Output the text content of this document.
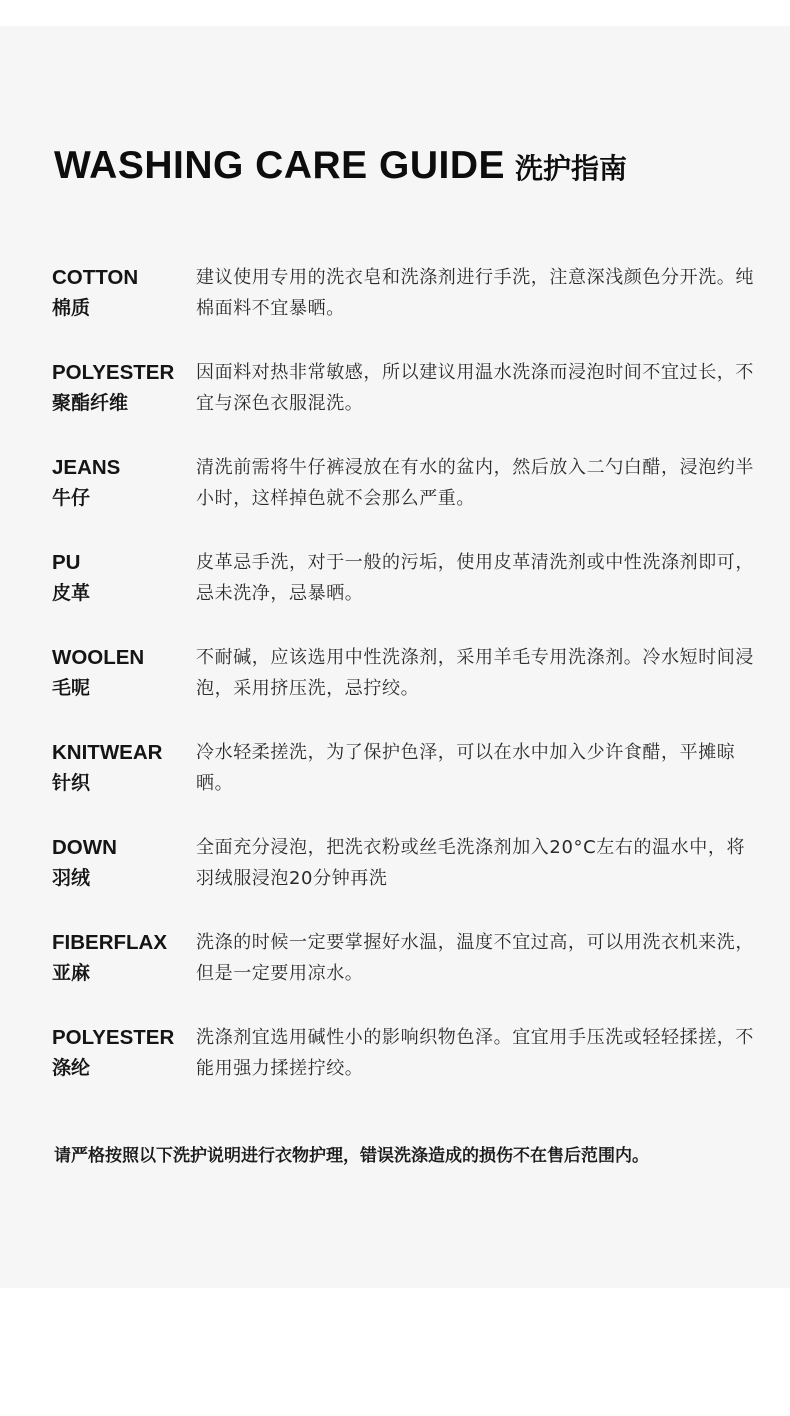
WASHING CARE GUIDE 洗护指南
COTTON
棉质

建议使用专用的洗衣皂和洗涤剂进行手洗，注意深浅颜色分开洗。纯棉面料不宜暴晒。

POLYESTER
聚酯纤维

因面料对热非常敏感，所以建议用温水洗涤而浸泡时间不宜过长，不宜与深色衣服混洗。

JEANS
牛仔

清洗前需将牛仔裤浸放在有水的盆内，然后放入二勺白醋，浸泡约半小时，这样掉色就不会那么严重。

PU
皮革

皮革忌手洗，对于一般的污垢，使用皮革清洗剂或中性洗涤剂即可，忌未洗净，忌暴晒。

WOOLEN
毛呢

不耐碱，应该选用中性洗涤剂，采用羊毛专用洗涤剂。冷水短时间浸泡，采用挤压洗，忌拧绞。

KNITWEAR
针织

冷水轻柔搓洗，为了保护色泽，可以在水中加入少许食醋，平摊晾晒。

DOWN
羽绒

全面充分浸泡，把洗衣粉或丝毛洗涤剂加入20°C左右的温水中，将羽绒服浸泡20分钟再洗

FIBERFLAX
亚麻

洗涤的时候一定要掌握好水温，温度不宜过高，可以用洗衣机来洗，但是一定要用凉水。

POLYESTER
涤纶

洗涤剂宜选用碱性小的影响织物色泽。宜宜用手压洗或轻轻揉搓，不能用强力揉搓拧绞。

请严格按照以下洗护说明进行衣物护理，错误洗涤造成的损伤不在售后范围内。
